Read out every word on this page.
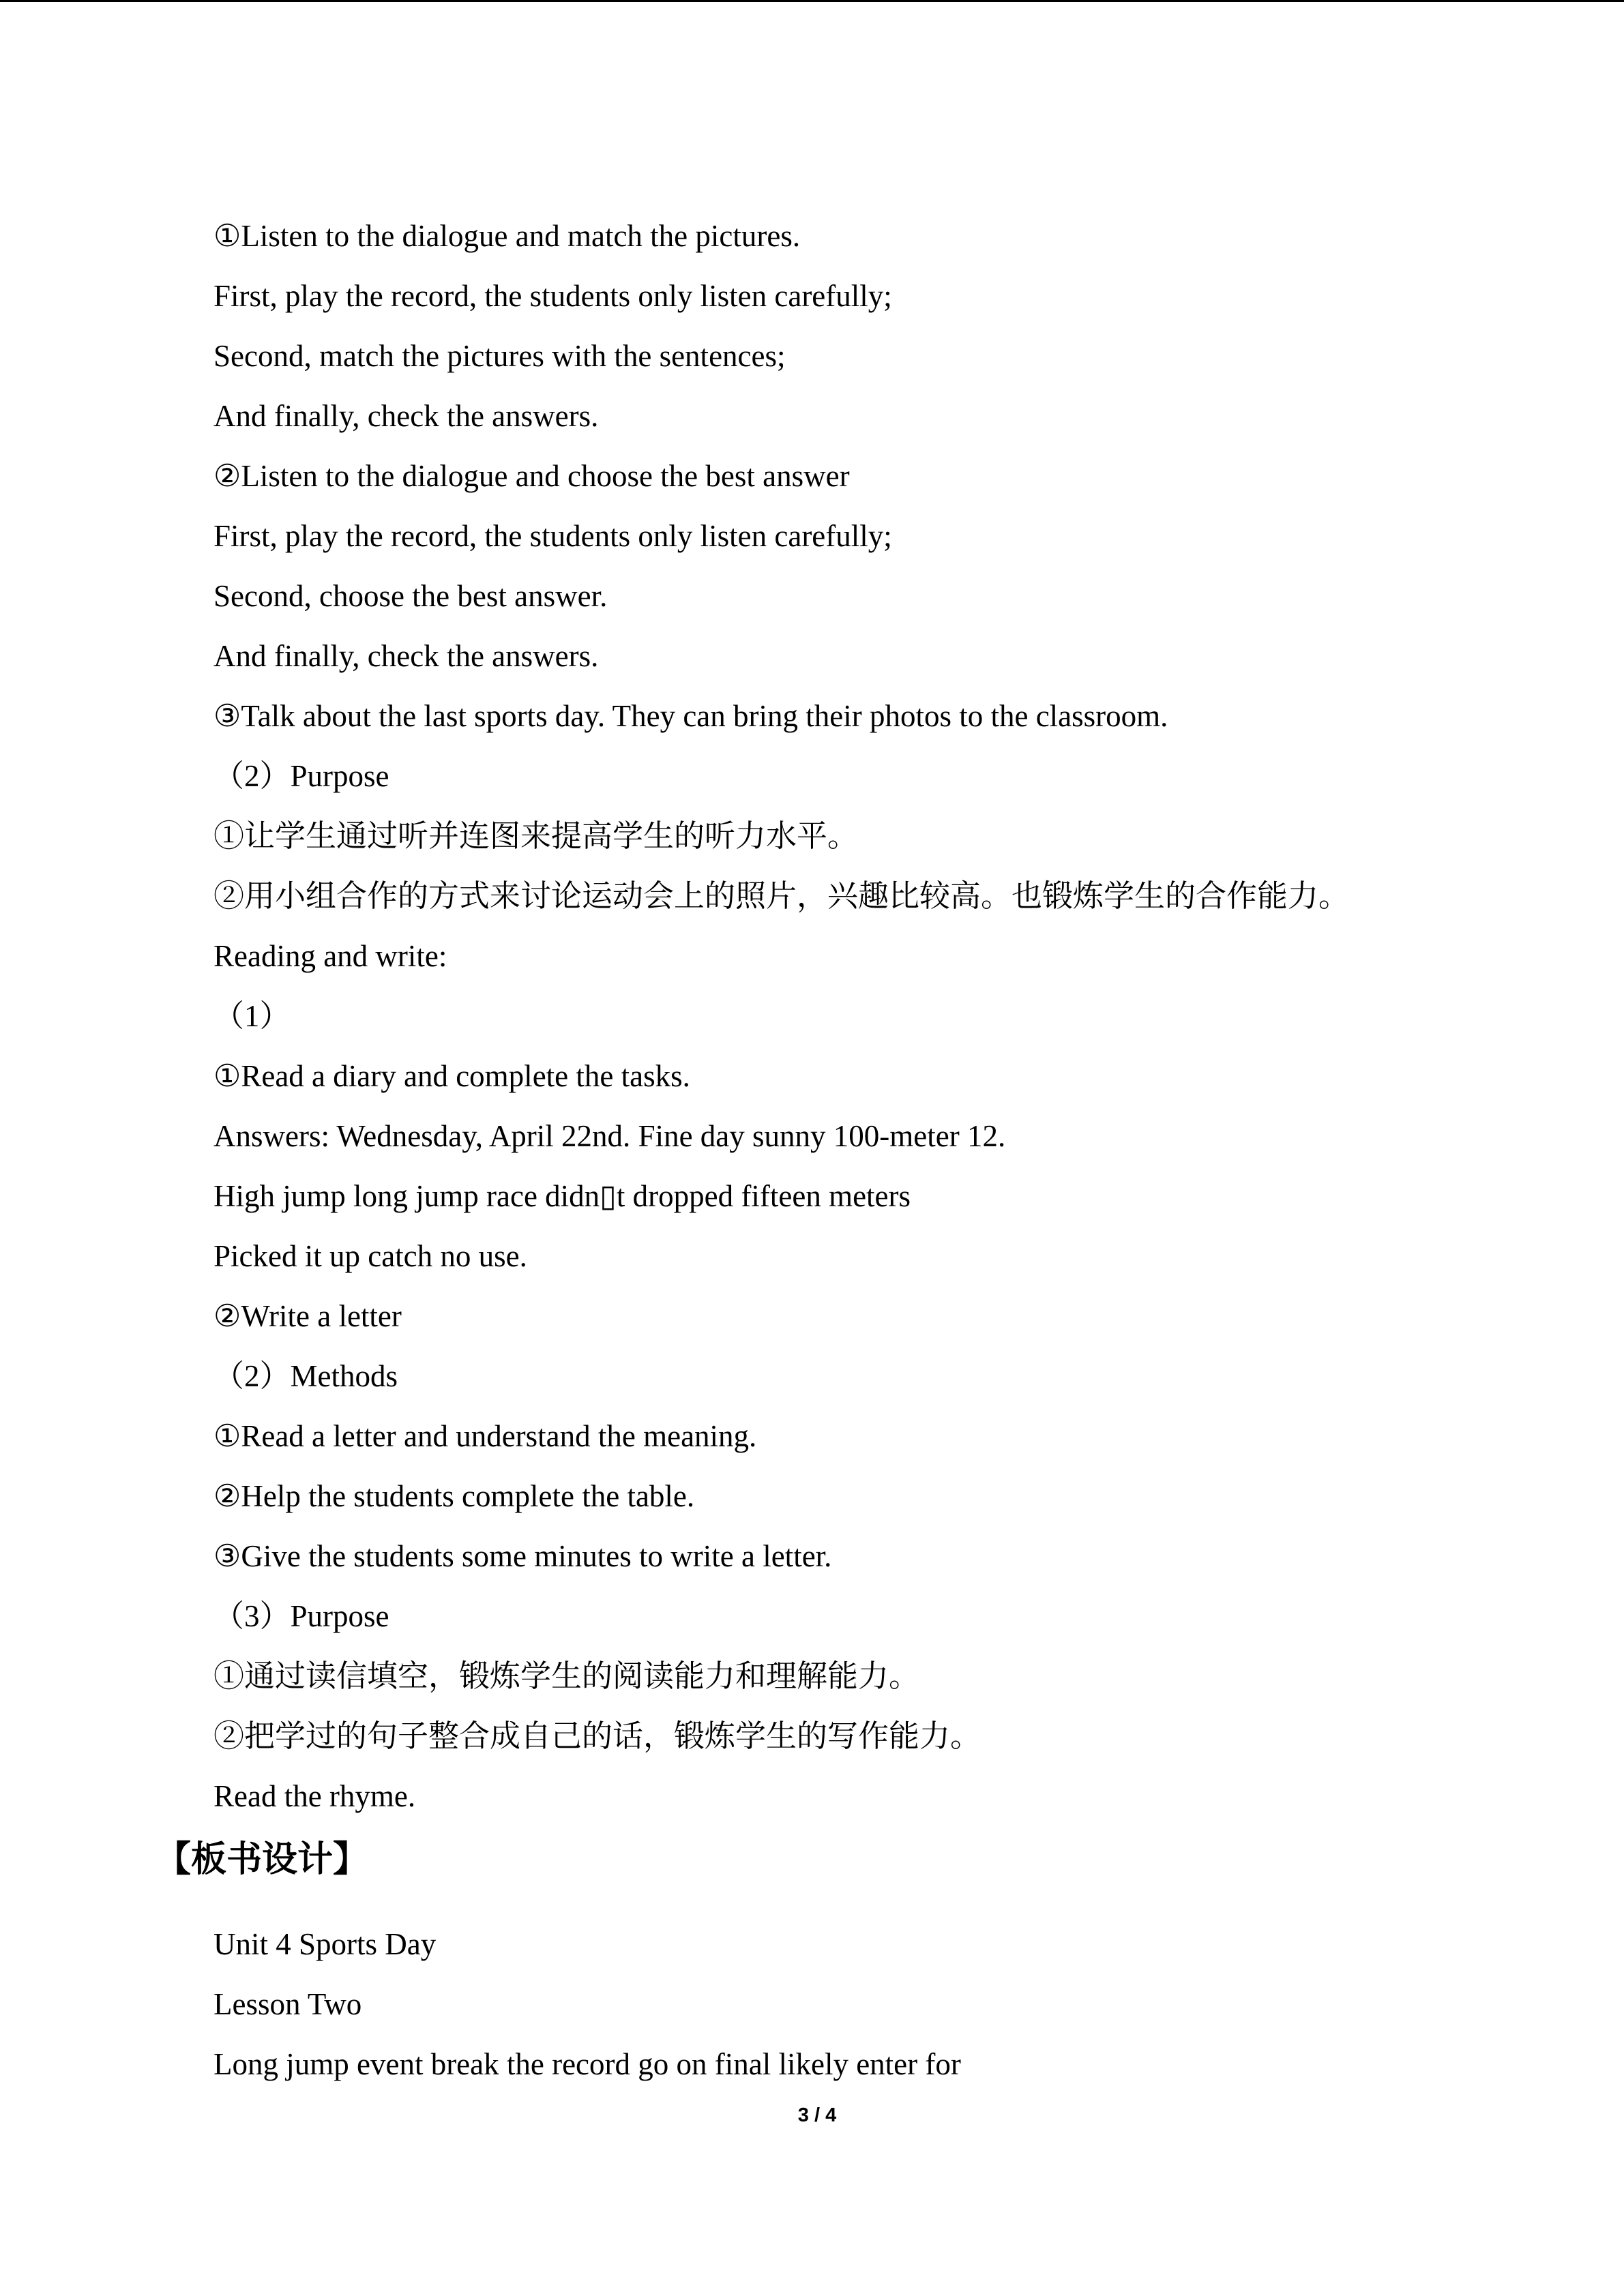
①Listen to the dialogue and match the pictures.
First, play the record, the students only listen carefully;
Second, match the pictures with the sentences;
And finally, check the answers.
②Listen to the dialogue and choose the best answer
First, play the record, the students only listen carefully;
Second, choose the best answer.
And finally, check the answers.
③Talk about the last sports day. They can bring their photos to the classroom.
（2）Purpose
①让学生通过听并连图来提高学生的听力水平。
②用小组合作的方式来讨论运动会上的照片，兴趣比较高。也锻炼学生的合作能力。
Reading and write:
（1）
①Read a diary and complete the tasks.
Answers: Wednesday, April 22nd. Fine day sunny 100-meter 12.
High jump long jump race didn▯t dropped fifteen meters
Picked it up catch no use.
②Write a letter
（2）Methods
①Read a letter and understand the meaning.
②Help the students complete the table.
③Give the students some minutes to write a letter.
（3）Purpose
①通过读信填空，锻炼学生的阅读能力和理解能力。
②把学过的句子整合成自己的话，锻炼学生的写作能力。
Read the rhyme.
【板书设计】
Unit 4 Sports Day
Lesson Two
Long jump event break the record go on final likely enter for
3 / 4
